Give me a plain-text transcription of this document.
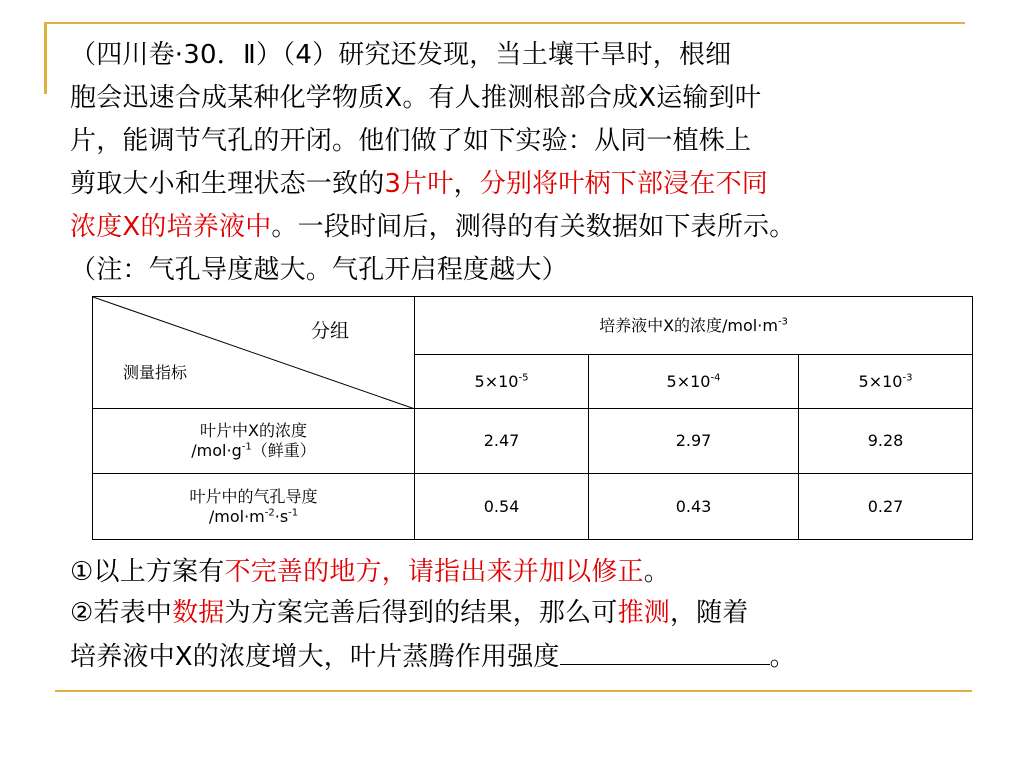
（四川卷·30．Ⅱ）（4）研究还发现，当土壤干旱时，根细
胞会迅速合成某种化学物质X。有人推测根部合成X运输到叶
片，能调节气孔的开闭。他们做了如下实验：从同一植株上
剪取大小和生理状态一致的3片叶，分别将叶柄下部浸在不同
浓度X的培养液中。一段时间后，测得的有关数据如下表所示。
（注：气孔导度越大。气孔开启程度越大）
分组
测量指标	培养液中X的浓度$/mol\cdot m^{-3}$
	$5\times 10^{-5}$	$5\times 10^{-4}$	$5\times 10^{-3}$

叶片中X的浓度
$/mol\cdot g^{-1}$（鲜重）	2.47	2.97	9.28

叶片中的气孔导度
$/mol\cdot m^{-2}\cdot s^{-1}$	0.54	0.43	0.27
①以上方案有不完善的地方，请指出来并加以修正。
②若表中数据为方案完善后得到的结果，那么可推测，随着
培养液中X的浓度增大，叶片蒸腾作用强度	。
